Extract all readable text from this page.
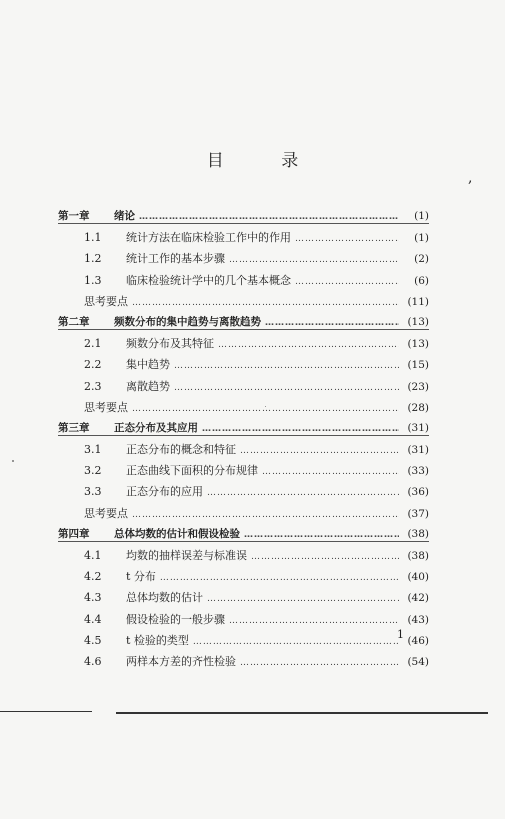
目 录
,
第一章	绪论 …………………………………………………………………………………………………………………	(1)
1.1	统计方法在临床检验工作中的作用 …………………………………………………………………………………………………………………	(1)
1.2	统计工作的基本步骤 …………………………………………………………………………………………………………………	(2)
1.3	临床检验统计学中的几个基本概念 …………………………………………………………………………………………………………………	(6)
思考要点 …………………………………………………………………………………………………………………	(11)
第二章	频数分布的集中趋势与离散趋势 …………………………………………………………………………………………………………………	(13)
2.1	频数分布及其特征 …………………………………………………………………………………………………………………	(13)
2.2	集中趋势 …………………………………………………………………………………………………………………	(15)
2.3	离散趋势 …………………………………………………………………………………………………………………	(23)
思考要点 …………………………………………………………………………………………………………………	(28)
第三章	正态分布及其应用 …………………………………………………………………………………………………………………	(31)
3.1	正态分布的概念和特征 …………………………………………………………………………………………………………………	(31)
3.2	正态曲线下面积的分布规律 …………………………………………………………………………………………………………………	(33)
3.3	正态分布的应用 …………………………………………………………………………………………………………………	(36)
思考要点 …………………………………………………………………………………………………………………	(37)
第四章	总体均数的估计和假设检验 …………………………………………………………………………………………………………………	(38)
4.1	均数的抽样误差与标准误 …………………………………………………………………………………………………………………	(38)
4.2	t 分布 …………………………………………………………………………………………………………………	(40)
4.3	总体均数的估计 …………………………………………………………………………………………………………………	(42)
4.4	假设检验的一般步骤 …………………………………………………………………………………………………………………	(43)
4.5	t 检验的类型 …………………………………………………………………………………………………………………	(46)
4.6	两样本方差的齐性检验 …………………………………………………………………………………………………………………	(54)
1
